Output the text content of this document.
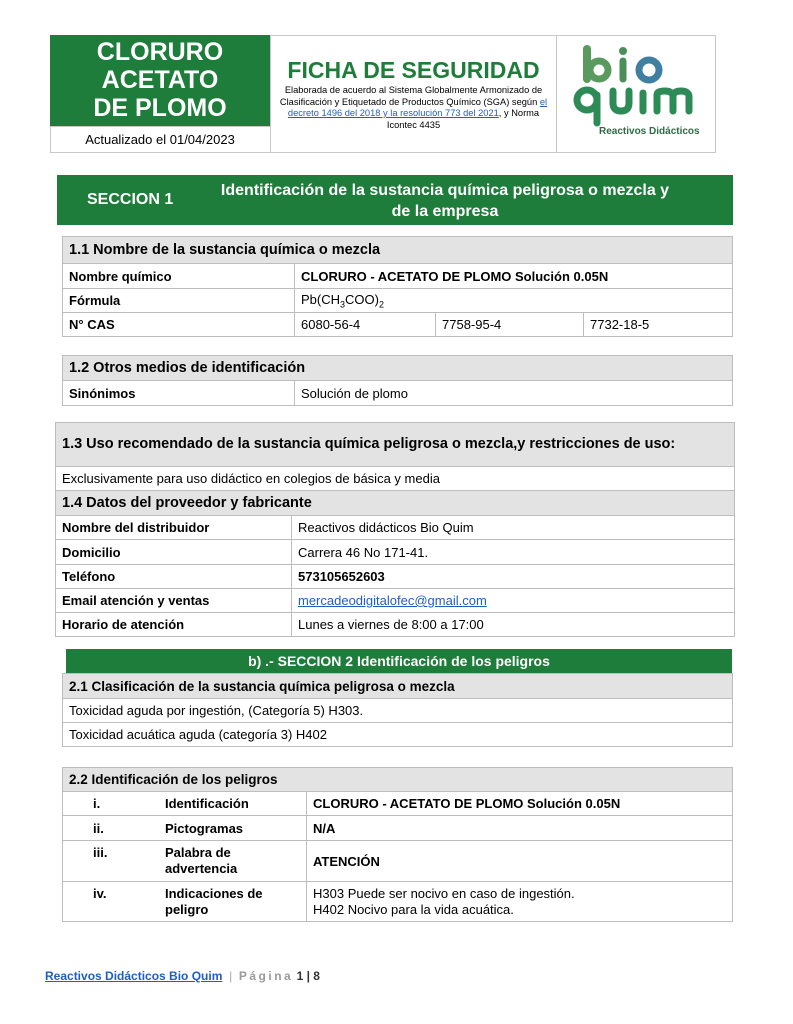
CLORURO
ACETATO
DE PLOMO
Actualizado el 01/04/2023
FICHA DE SEGURIDAD
Elaborada de acuerdo al Sistema Globalmente Armonizado de Clasificación y Etiquetado de Productos Químico (SGA) según el decreto 1496 del 2018 y la resolución 773 del 2021, y Norma Icontec 4435
Reactivos Didácticos
SECCION 1
Identificación de la sustancia química peligrosa o mezcla y de la empresa
1.1 Nombre de la sustancia química o mezcla			
Nombre químico	CLORURO - ACETATO DE PLOMO Solución 0.05N		
Fórmula	$Pb(CH_3COO)_2$
N° CAS	6080-56-4	7758-95-4	7732-18-5
1.2 Otros medios de identificación
Sinónimos	Solución de plomo
1.3 Uso recomendado de la sustancia química peligrosa o mezcla,y restricciones de uso:	
Exclusivamente para uso didáctico en colegios de básica y media	
1.4 Datos del proveedor y fabricante	
Nombre del distribuidor	Reactivos didácticos Bio Quim
Domicilio	Carrera 46 No 171-41.
Teléfono	573105652603
Email atención y ventas	mercadeodigitalofec@gmail.com
Horario de atención	Lunes a viernes de 8:00 a 17:00
b) .- SECCION 2 Identificación de los peligros
2.1 Clasificación de la sustancia química peligrosa o mezcla
Toxicidad aguda por ingestión, (Categoría 5) H303.
Toxicidad acuática aguda (categoría 3) H402
2.2 Identificación de los peligros		
i.	Identificación	CLORURO - ACETATO DE PLOMO Solución 0.05N
ii.	Pictogramas	N/A
iii.	Palabra de advertencia	ATENCIÓN
iv.	Indicaciones de peligro	H303 Puede ser nocivo en caso de ingestión.
H402 Nocivo para la vida acuática.
Reactivos Didácticos Bio Quim | Página 1 | 8
